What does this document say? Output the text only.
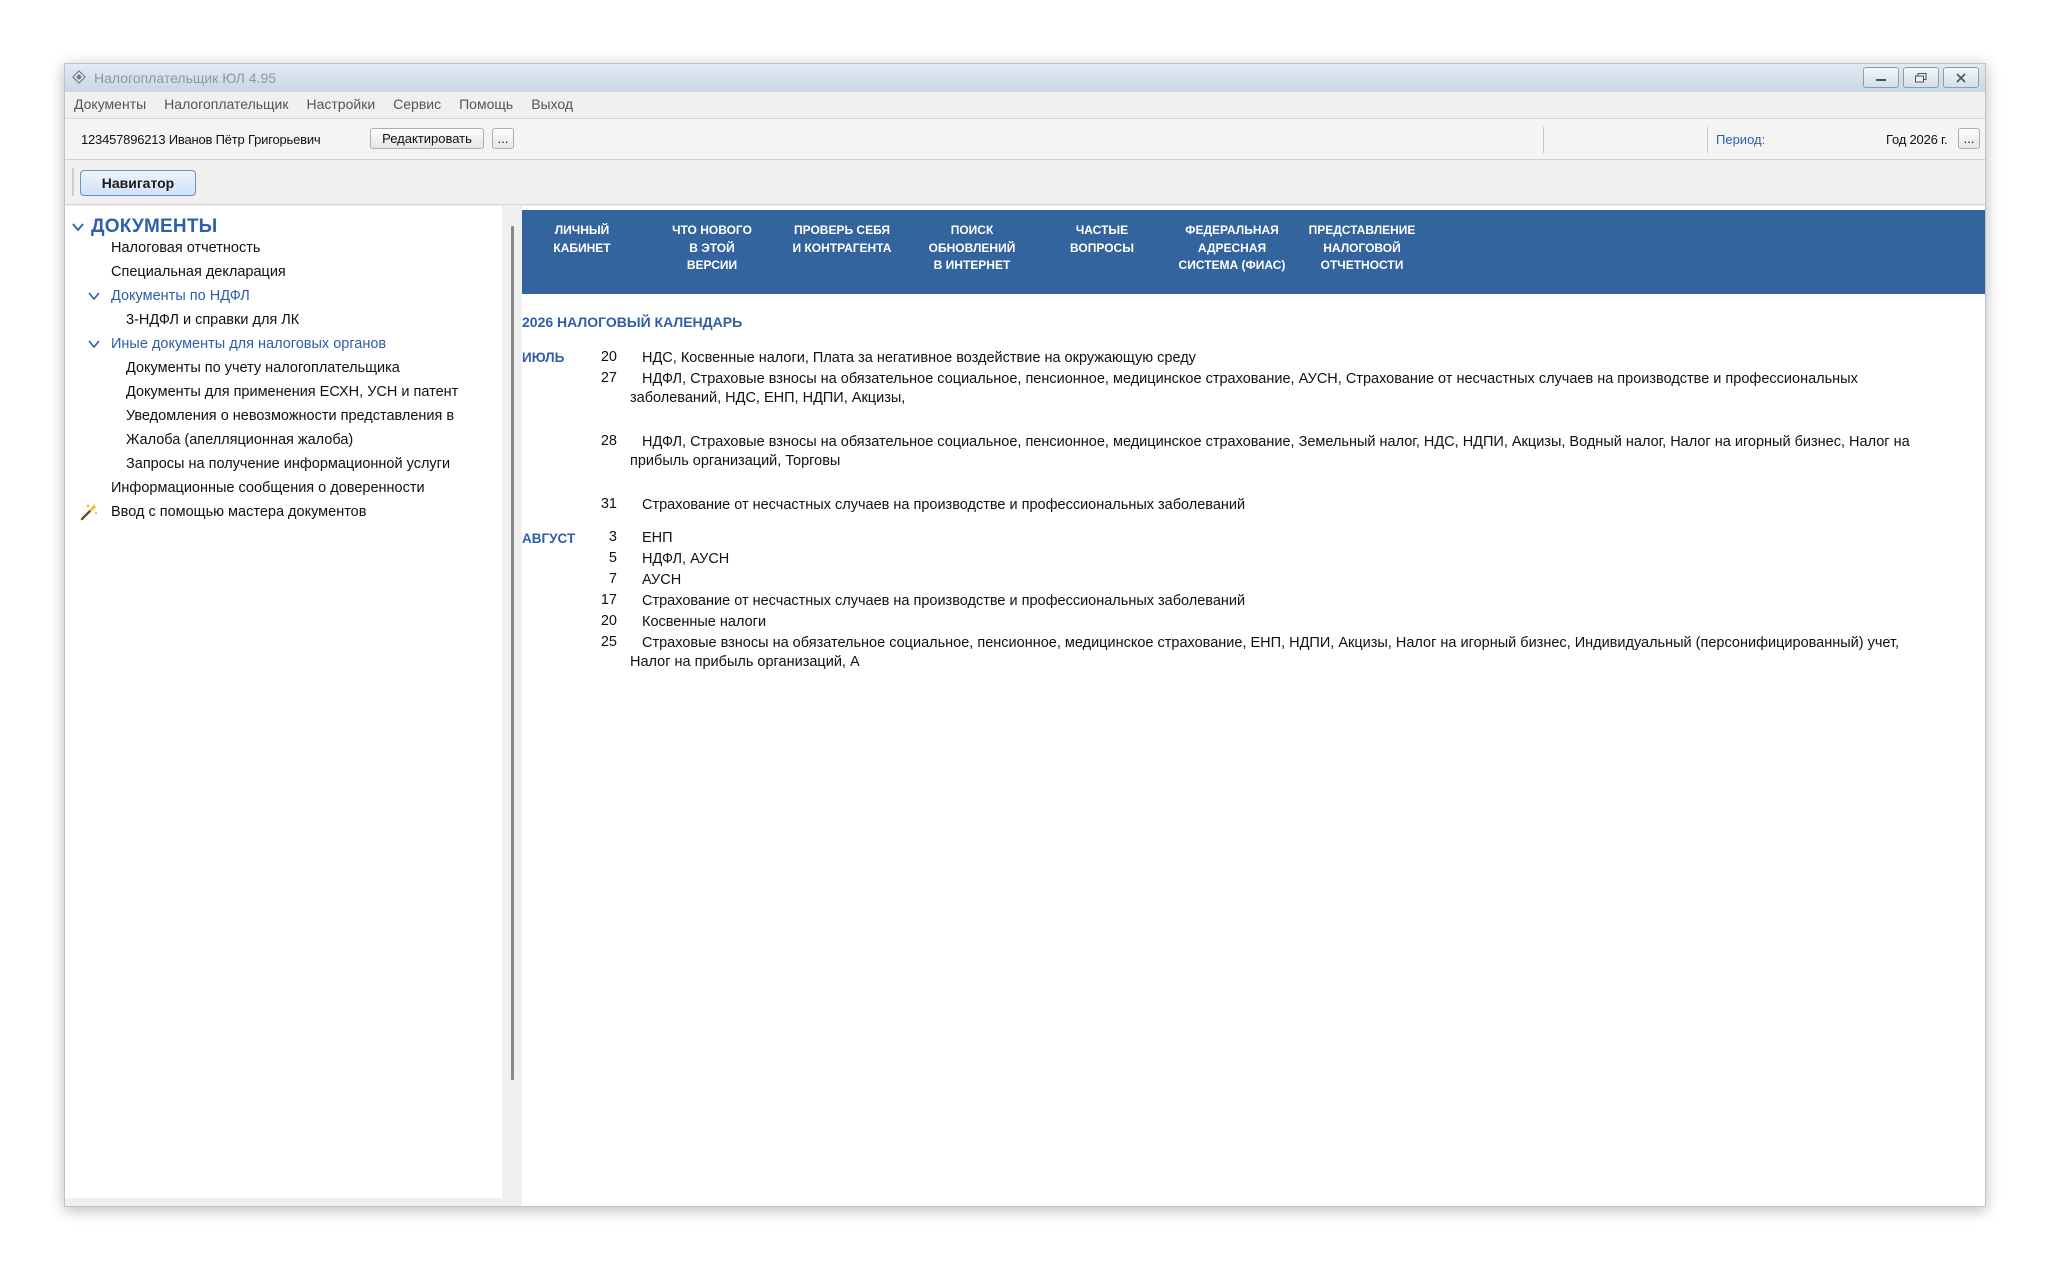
Налогоплательщик ЮЛ 4.95
Документы	Налогоплательщик	Настройки	Сервис	Помощь	Выход
123457896213 Иванов Пётр Григорьевич	Редактировать	...	Период:	Год 2026 г.	...
Навигатор
ДОКУМЕНТЫ
Налоговая отчетность
Специальная декларация
Документы по НДФЛ
3-НДФЛ и справки для ЛК
Иные документы для налоговых органов
Документы по учету налогоплательщика
Документы для применения ЕСХН, УСН и патент
Уведомления о невозможности представления в
Жалоба (апелляционная жалоба)
Запросы на получение информационной услуги
Информационные сообщения о доверенности
Ввод с помощью мастера документов
ЛИЧНЫЙ
КАБИНЕТ
ЧТО НОВОГО
В ЭТОЙ
ВЕРСИИ
ПРОВЕРЬ СЕБЯ
И КОНТРАГЕНТА
ПОИСК
ОБНОВЛЕНИЙ
В ИНТЕРНЕТ
ЧАСТЫЕ
ВОПРОСЫ
ФЕДЕРАЛЬНАЯ
АДРЕСНАЯ
СИСТЕМА (ФИАС)
ПРЕДСТАВЛЕНИЕ
НАЛОГОВОЙ
ОТЧЕТНОСТИ
2026 НАЛОГОВЫЙ КАЛЕНДАРЬ
ИЮЛЬ	20	НДС, Косвенные налоги, Плата за негативное воздействие на окружающую среду
27	НДФЛ, Страховые взносы на обязательное социальное, пенсионное, медицинское страхование, АУСН, Страхование от несчастных случаев на производстве и профессиональных заболеваний, НДС, ЕНП, НДПИ, Акцизы,
28	НДФЛ, Страховые взносы на обязательное социальное, пенсионное, медицинское страхование, Земельный налог, НДС, НДПИ, Акцизы, Водный налог, Налог на игорный бизнес, Налог на прибыль организаций, Торговы
31	Страхование от несчастных случаев на производстве и профессиональных заболеваний
АВГУСТ	3	ЕНП
5	НДФЛ, АУСН
7	АУСН
17	Страхование от несчастных случаев на производстве и профессиональных заболеваний
20	Косвенные налоги
25	Страховые взносы на обязательное социальное, пенсионное, медицинское страхование, ЕНП, НДПИ, Акцизы, Налог на игорный бизнес, Индивидуальный (персонифицированный) учет, Налог на прибыль организаций, А
